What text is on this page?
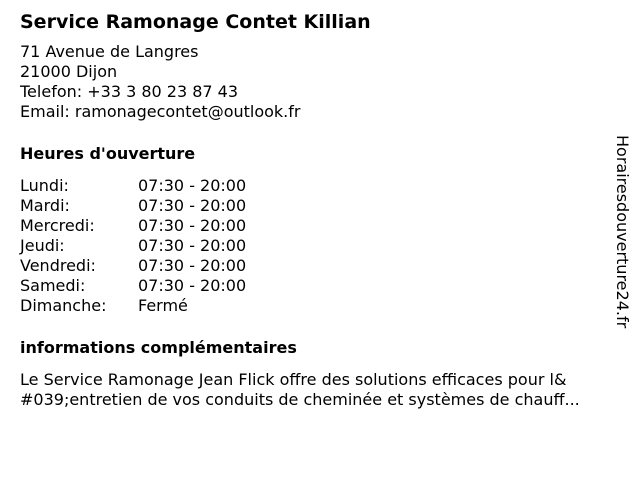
Service Ramonage Contet Killian
71 Avenue de Langres
21000 Dijon
Telefon: +33 3 80 23 87 43
Email: ramonagecontet@outlook.fr
Heures d'ouverture
Lundi:	07:30 - 20:00
Mardi:	07:30 - 20:00
Mercredi:	07:30 - 20:00
Jeudi:	07:30 - 20:00
Vendredi:	07:30 - 20:00
Samedi:	07:30 - 20:00
Dimanche:	Fermé
informations complémentaires
Le Service Ramonage Jean Flick offre des solutions efficaces pour l&
#039;entretien de vos conduits de cheminée et systèmes de chauff...
Horairesdouverture24.fr
